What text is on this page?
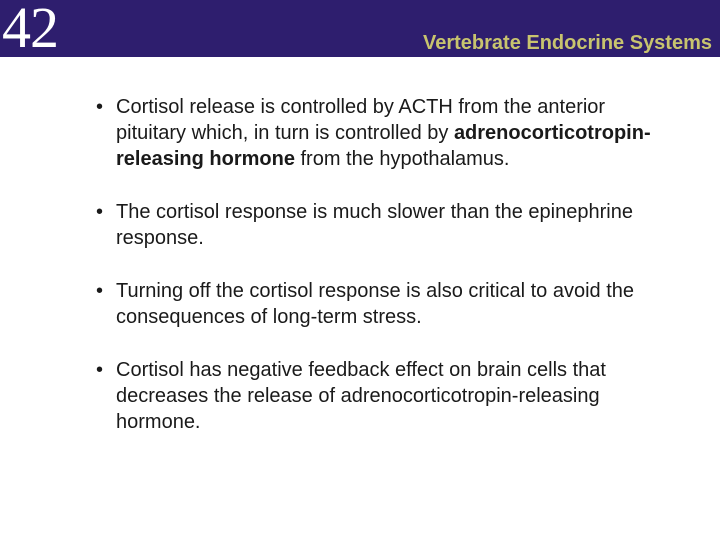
42	Vertebrate Endocrine Systems
• Cortisol release is controlled by ACTH from the anterior pituitary which, in turn is controlled by adrenocorticotropin-releasing hormone from the hypothalamus.
• The cortisol response is much slower than the epinephrine response.
• Turning off the cortisol response is also critical to avoid the consequences of long-term stress.
• Cortisol has negative feedback effect on brain cells that decreases the release of adrenocorticotropin-releasing hormone.
